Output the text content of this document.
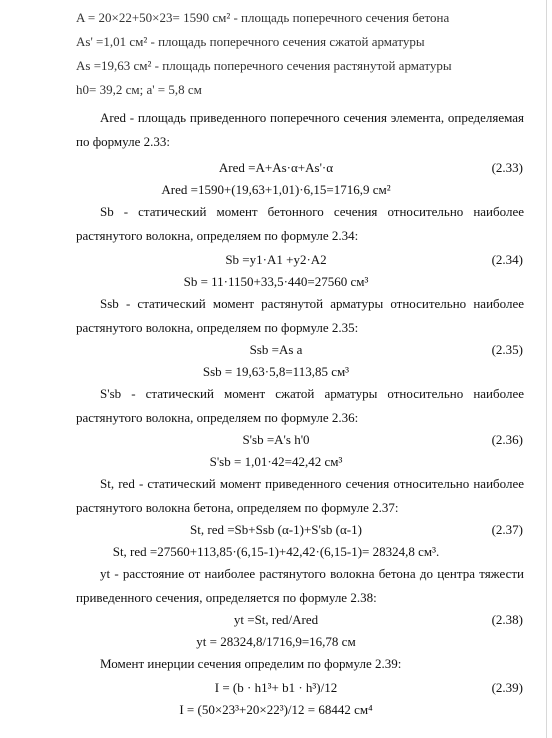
A = 20×22+50×23= 1590 см² - площадь поперечного сечения бетона
As' =1,01 см² - площадь поперечного сечения сжатой арматуры
As =19,63 см² - площадь поперечного сечения растянутой арматуры
h0= 39,2 см; a' = 5,8 см
Ared - площадь приведенного поперечного сечения элемента, определяемая по формуле 2.33:
Ared =A+As·α+As'·α	(2.33)
Ared =1590+(19,63+1,01)·6,15=1716,9 см²
Sb - статический момент бетонного сечения относительно наиболее растянутого волокна, определяем по формуле 2.34:
Sb =y1·A1 +y2·A2	(2.34)
Sb = 11·1150+33,5·440=27560 см³
Ssb - статический момент растянутой арматуры относительно наиболее растянутого волокна, определяем по формуле 2.35:
Ssb =As a	(2.35)
Ssb = 19,63·5,8=113,85 см³
S'sb - статический момент сжатой арматуры относительно наиболее растянутого волокна, определяем по формуле 2.36:
S'sb =A's h'0	(2.36)
S'sb = 1,01·42=42,42 см³
St, red - статический момент приведенного сечения относительно наиболее растянутого волокна бетона, определяем по формуле 2.37:
St, red =Sb+Ssb (α-1)+S'sb (α-1)	(2.37)
St, red =27560+113,85·(6,15-1)+42,42·(6,15-1)= 28324,8 см³.
yt - расстояние от наиболее растянутого волокна бетона до центра тяжести приведенного сечения, определяется по формуле 2.38:
yt =St, red/Ared	(2.38)
yt = 28324,8/1716,9=16,78 см
Момент инерции сечения определим по формуле 2.39:
I = (b · h1³+ b1 · h³)/12	(2.39)
I = (50×23³+20×22³)/12 = 68442 см⁴
